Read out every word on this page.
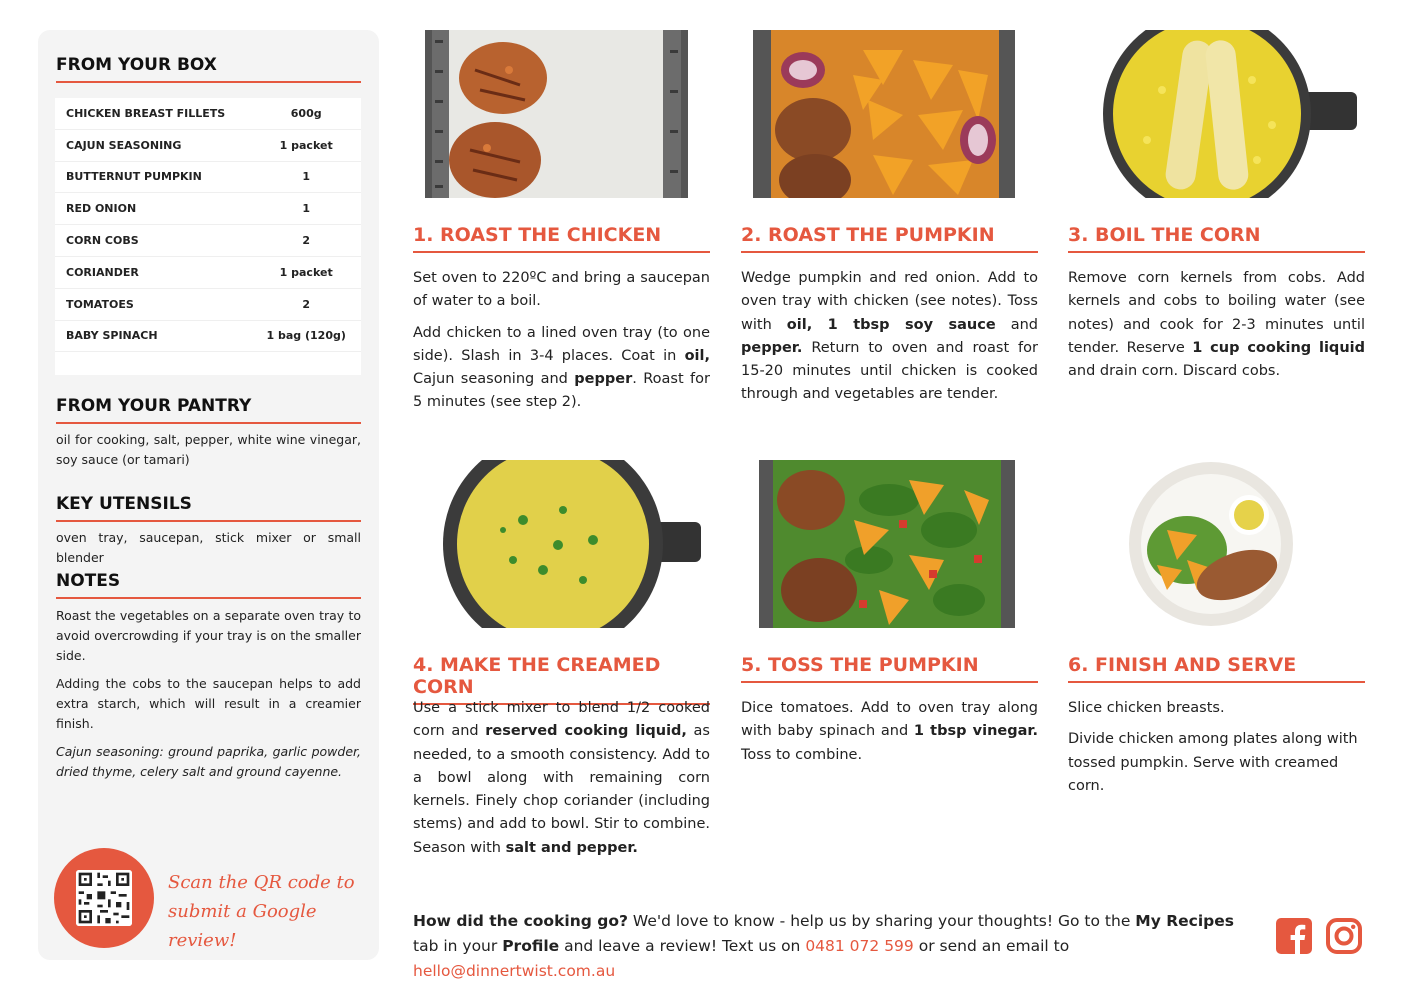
FROM YOUR BOX
CHICKEN BREAST FILLETS	600g
CAJUN SEASONING	1 packet
BUTTERNUT PUMPKIN	1
RED ONION	1
CORN COBS	2
CORIANDER	1 packet
TOMATOES	2
BABY SPINACH	1 bag (120g)
FROM YOUR PANTRY
oil for cooking, salt, pepper, white wine vinegar, soy sauce (or tamari)
KEY UTENSILS
oven tray, saucepan, stick mixer or small blender
NOTES

Roast the vegetables on a separate oven tray to avoid overcrowding if your tray is on the smaller side.

Adding the cobs to the saucepan helps to add extra starch, which will result in a creamier finish.

Cajun seasoning: ground paprika, garlic powder, dried thyme, celery salt and ground cayenne.

Scan the QR code to
submit a Google review!
1. ROAST THE CHICKEN

Set oven to 220ºC and bring a saucepan of water to a boil.

Add chicken to a lined oven tray (to one side). Slash in 3-4 places. Coat in oil, Cajun seasoning and pepper. Roast for 5 minutes (see step 2).

2. ROAST THE PUMPKIN

Wedge pumpkin and red onion. Add to oven tray with chicken (see notes). Toss with oil, 1 tbsp soy sauce and pepper. Return to oven and roast for 15-20 minutes until chicken is cooked through and vegetables are tender.

3. BOIL THE CORN

Remove corn kernels from cobs. Add kernels and cobs to boiling water (see notes) and cook for 2-3 minutes until tender. Reserve 1 cup cooking liquid and drain corn. Discard cobs.

4. MAKE THE CREAMED CORN

Use a stick mixer to blend 1/2 cooked corn and reserved cooking liquid, as needed, to a smooth consistency. Add to a bowl along with remaining corn kernels. Finely chop coriander (including stems) and add to bowl. Stir to combine. Season with salt and pepper.

5. TOSS THE PUMPKIN

Dice tomatoes. Add to oven tray along with baby spinach and 1 tbsp vinegar. Toss to combine.

6. FINISH AND SERVE

Slice chicken breasts.

Divide chicken among plates along with tossed pumpkin. Serve with creamed corn.

How did the cooking go? We'd love to know - help us by sharing your thoughts! Go to the My Recipes tab in your Profile and leave a review! Text us on 0481 072 599 or send an email to hello@dinnertwist.com.au
